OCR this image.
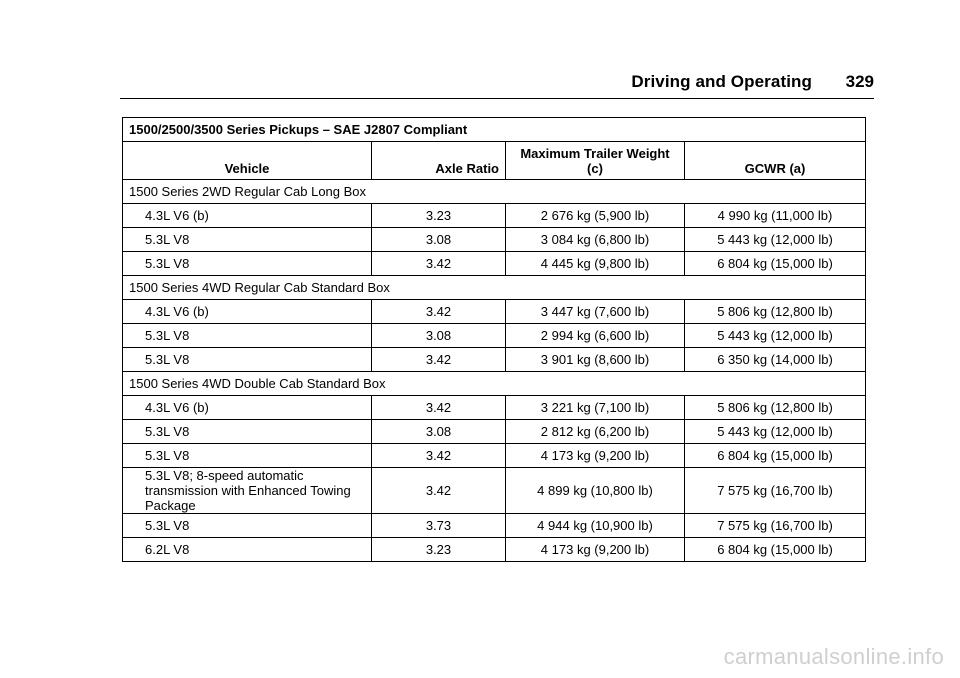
Driving and Operating 329
1500/2500/3500 Series Pickups – SAE J2807 Compliant			
Vehicle	Axle Ratio	Maximum Trailer Weight (c)	GCWR (a)
1500 Series 2WD Regular Cab Long Box			
4.3L V6 (b)	3.23	2 676 kg (5,900 lb)	4 990 kg (11,000 lb)
5.3L V8	3.08	3 084 kg (6,800 lb)	5 443 kg (12,000 lb)
5.3L V8	3.42	4 445 kg (9,800 lb)	6 804 kg (15,000 lb)
1500 Series 4WD Regular Cab Standard Box			
4.3L V6 (b)	3.42	3 447 kg (7,600 lb)	5 806 kg (12,800 lb)
5.3L V8	3.08	2 994 kg (6,600 lb)	5 443 kg (12,000 lb)
5.3L V8	3.42	3 901 kg (8,600 lb)	6 350 kg (14,000 lb)
1500 Series 4WD Double Cab Standard Box			
4.3L V6 (b)	3.42	3 221 kg (7,100 lb)	5 806 kg (12,800 lb)
5.3L V8	3.08	2 812 kg (6,200 lb)	5 443 kg (12,000 lb)
5.3L V8	3.42	4 173 kg (9,200 lb)	6 804 kg (15,000 lb)
5.3L V8; 8-speed automatic transmission with Enhanced Towing Package	3.42	4 899 kg (10,800 lb)	7 575 kg (16,700 lb)
5.3L V8	3.73	4 944 kg (10,900 lb)	7 575 kg (16,700 lb)
6.2L V8	3.23	4 173 kg (9,200 lb)	6 804 kg (15,000 lb)
carmanualsonline.info
